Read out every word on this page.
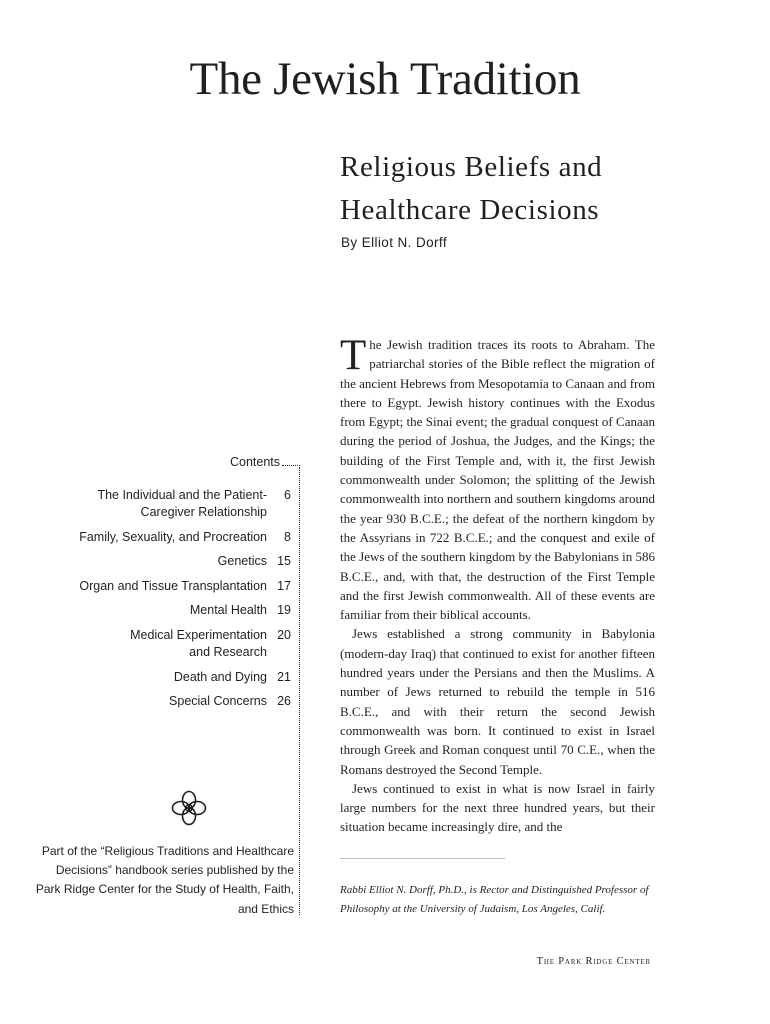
The Jewish Tradition
Religious Beliefs and Healthcare Decisions
By Elliot N. Dorff
Contents
The Individual and the Patient-Caregiver Relationship
6
Family, Sexuality, and Procreation	8
Genetics 15
Organ and Tissue Transplantation 17
Mental Health 19
Medical Experimentation and Research
20
Death and Dying 21
Special Concerns 26
Part of the “Religious Traditions and Healthcare Decisions” handbook series published by the Park Ridge Center for the Study of Health, Faith, and Ethics

The Jewish tradition traces its roots to Abraham. The patriarchal stories of the Bible reflect the migration of the ancient Hebrews from Mesopotamia to Canaan and from there to Egypt. Jewish history continues with the Exodus from Egypt; the Sinai event; the gradual conquest of Canaan during the period of Joshua, the Judges, and the Kings; the building of the First Temple and, with it, the first Jewish commonwealth under Solomon; the splitting of the Jewish commonwealth into northern and southern kingdoms around the year 930 B.C.E.; the defeat of the northern kingdom by the Assyrians in 722 B.C.E.; and the conquest and exile of the Jews of the southern kingdom by the Babylonians in 586 B.C.E., and, with that, the destruction of the First Temple and the first Jewish commonwealth. All of these events are familiar from their biblical accounts.

Jews established a strong community in Babylonia (modern-day Iraq) that continued to exist for another fifteen hundred years under the Persians and then the Muslims. A number of Jews returned to rebuild the temple in 516 B.C.E., and with their return the second Jewish commonwealth was born. It continued to exist in Israel through Greek and Roman conquest until 70 C.E., when the Romans destroyed the Second Temple.

Jews continued to exist in what is now Israel in fairly large numbers for the next three hundred years, but their situation became increasingly dire, and the

Rabbi Elliot N. Dorff, Ph.D., is Rector and Distinguished Professor of Philosophy at the University of Judaism, Los Angeles, Calif.
The Park Ridge Center
